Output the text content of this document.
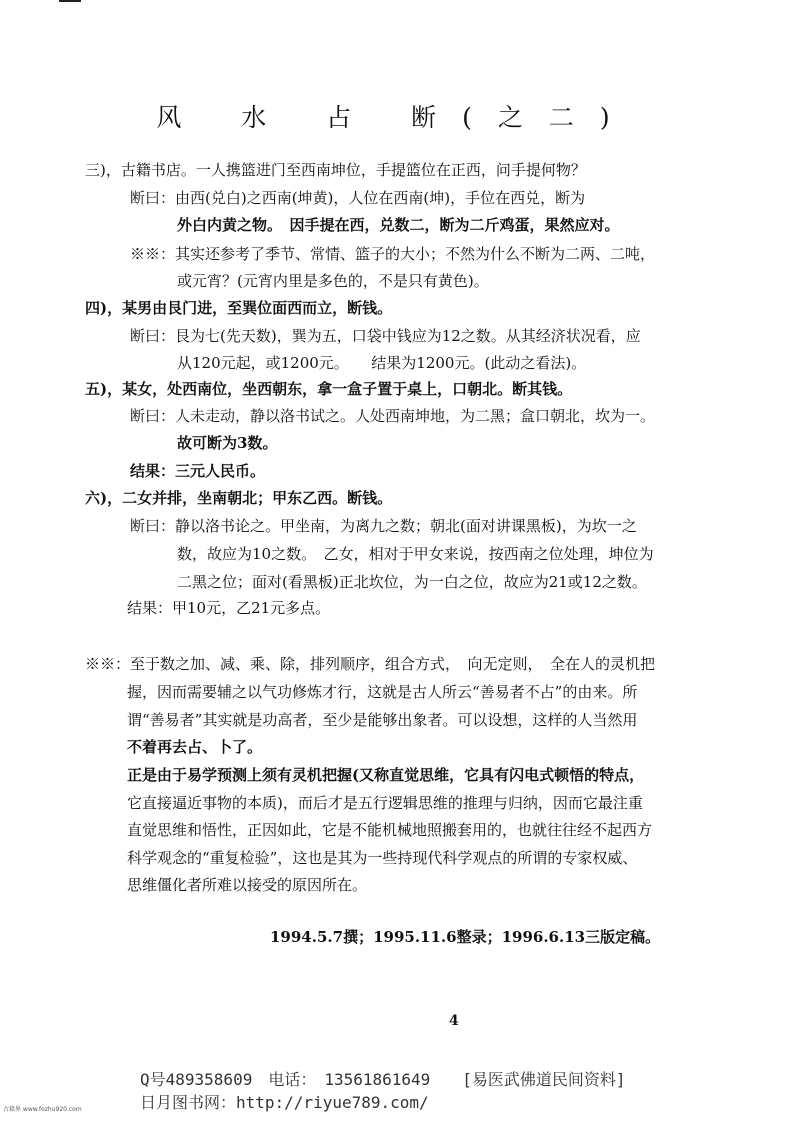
风 水 占 断(之二)
三)，古籍书店。一人携篮进门至西南坤位，手提篮位在正西，问手提何物？
断曰：由西(兑白)之西南(坤黄)，人位在西南(坤)，手位在西兑，断为
外白内黄之物。　因手提在西，兑数二，断为二斤鸡蛋，果然应对。
※※：其实还参考了季节、常情、篮子的大小；不然为什么不断为二两、二吨，
或元宵？(元宵内里是多色的，不是只有黄色)。
四)，某男由艮门进，至巽位面西而立，断钱。
断曰：艮为七(先天数)，巽为五，口袋中钱应为12之数。从其经济状况看，应
从120元起，或1200元。　　结果为1200元。(此动之看法)。
五)，某女，处西南位，坐西朝东，拿一盒子置于桌上，口朝北。断其钱。
断曰：人未走动，静以洛书试之。人处西南坤地，为二黑；盒口朝北，坎为一。
故可断为3数。
结果：三元人民币。
六)，二女并排，坐南朝北；甲东乙西。断钱。
断曰：静以洛书论之。甲坐南，为离九之数；朝北(面对讲课黑板)，为坎一之
数，故应为10之数。　乙女，相对于甲女来说，按西南之位处理，坤位为
二黑之位；面对(看黑板)正北坎位，为一白之位，故应为21或12之数。
结果：甲10元，乙21元多点。
※※：至于数之加、减、乘、除，排列顺序，组合方式，　向无定则，　全在人的灵机把
握，因而需要辅之以气功修炼才行，这就是古人所云“善易者不占”的由来。所
谓“善易者”其实就是功高者，至少是能够出象者。可以设想，这样的人当然用
不着再去占、卜了。
正是由于易学预测上须有灵机把握(又称直觉思维，它具有闪电式顿悟的特点，
它直接逼近事物的本质)，而后才是五行逻辑思维的推理与归纳，因而它最注重
直觉思维和悟性，正因如此，它是不能机械地照搬套用的，也就往往经不起西方
科学观念的“重复检验”，这也是其为一些持现代科学观点的所谓的专家权威、
思维僵化者所难以接受的原因所在。
1994.5.7撰；1995.11.6整录；1996.6.13三版定稿。
4
Q号489358609　电话：　13561861649　　[易医武佛道民间资料]
日月图书网：http://riyue789.com/
古籍界 www.fozhu920.com
